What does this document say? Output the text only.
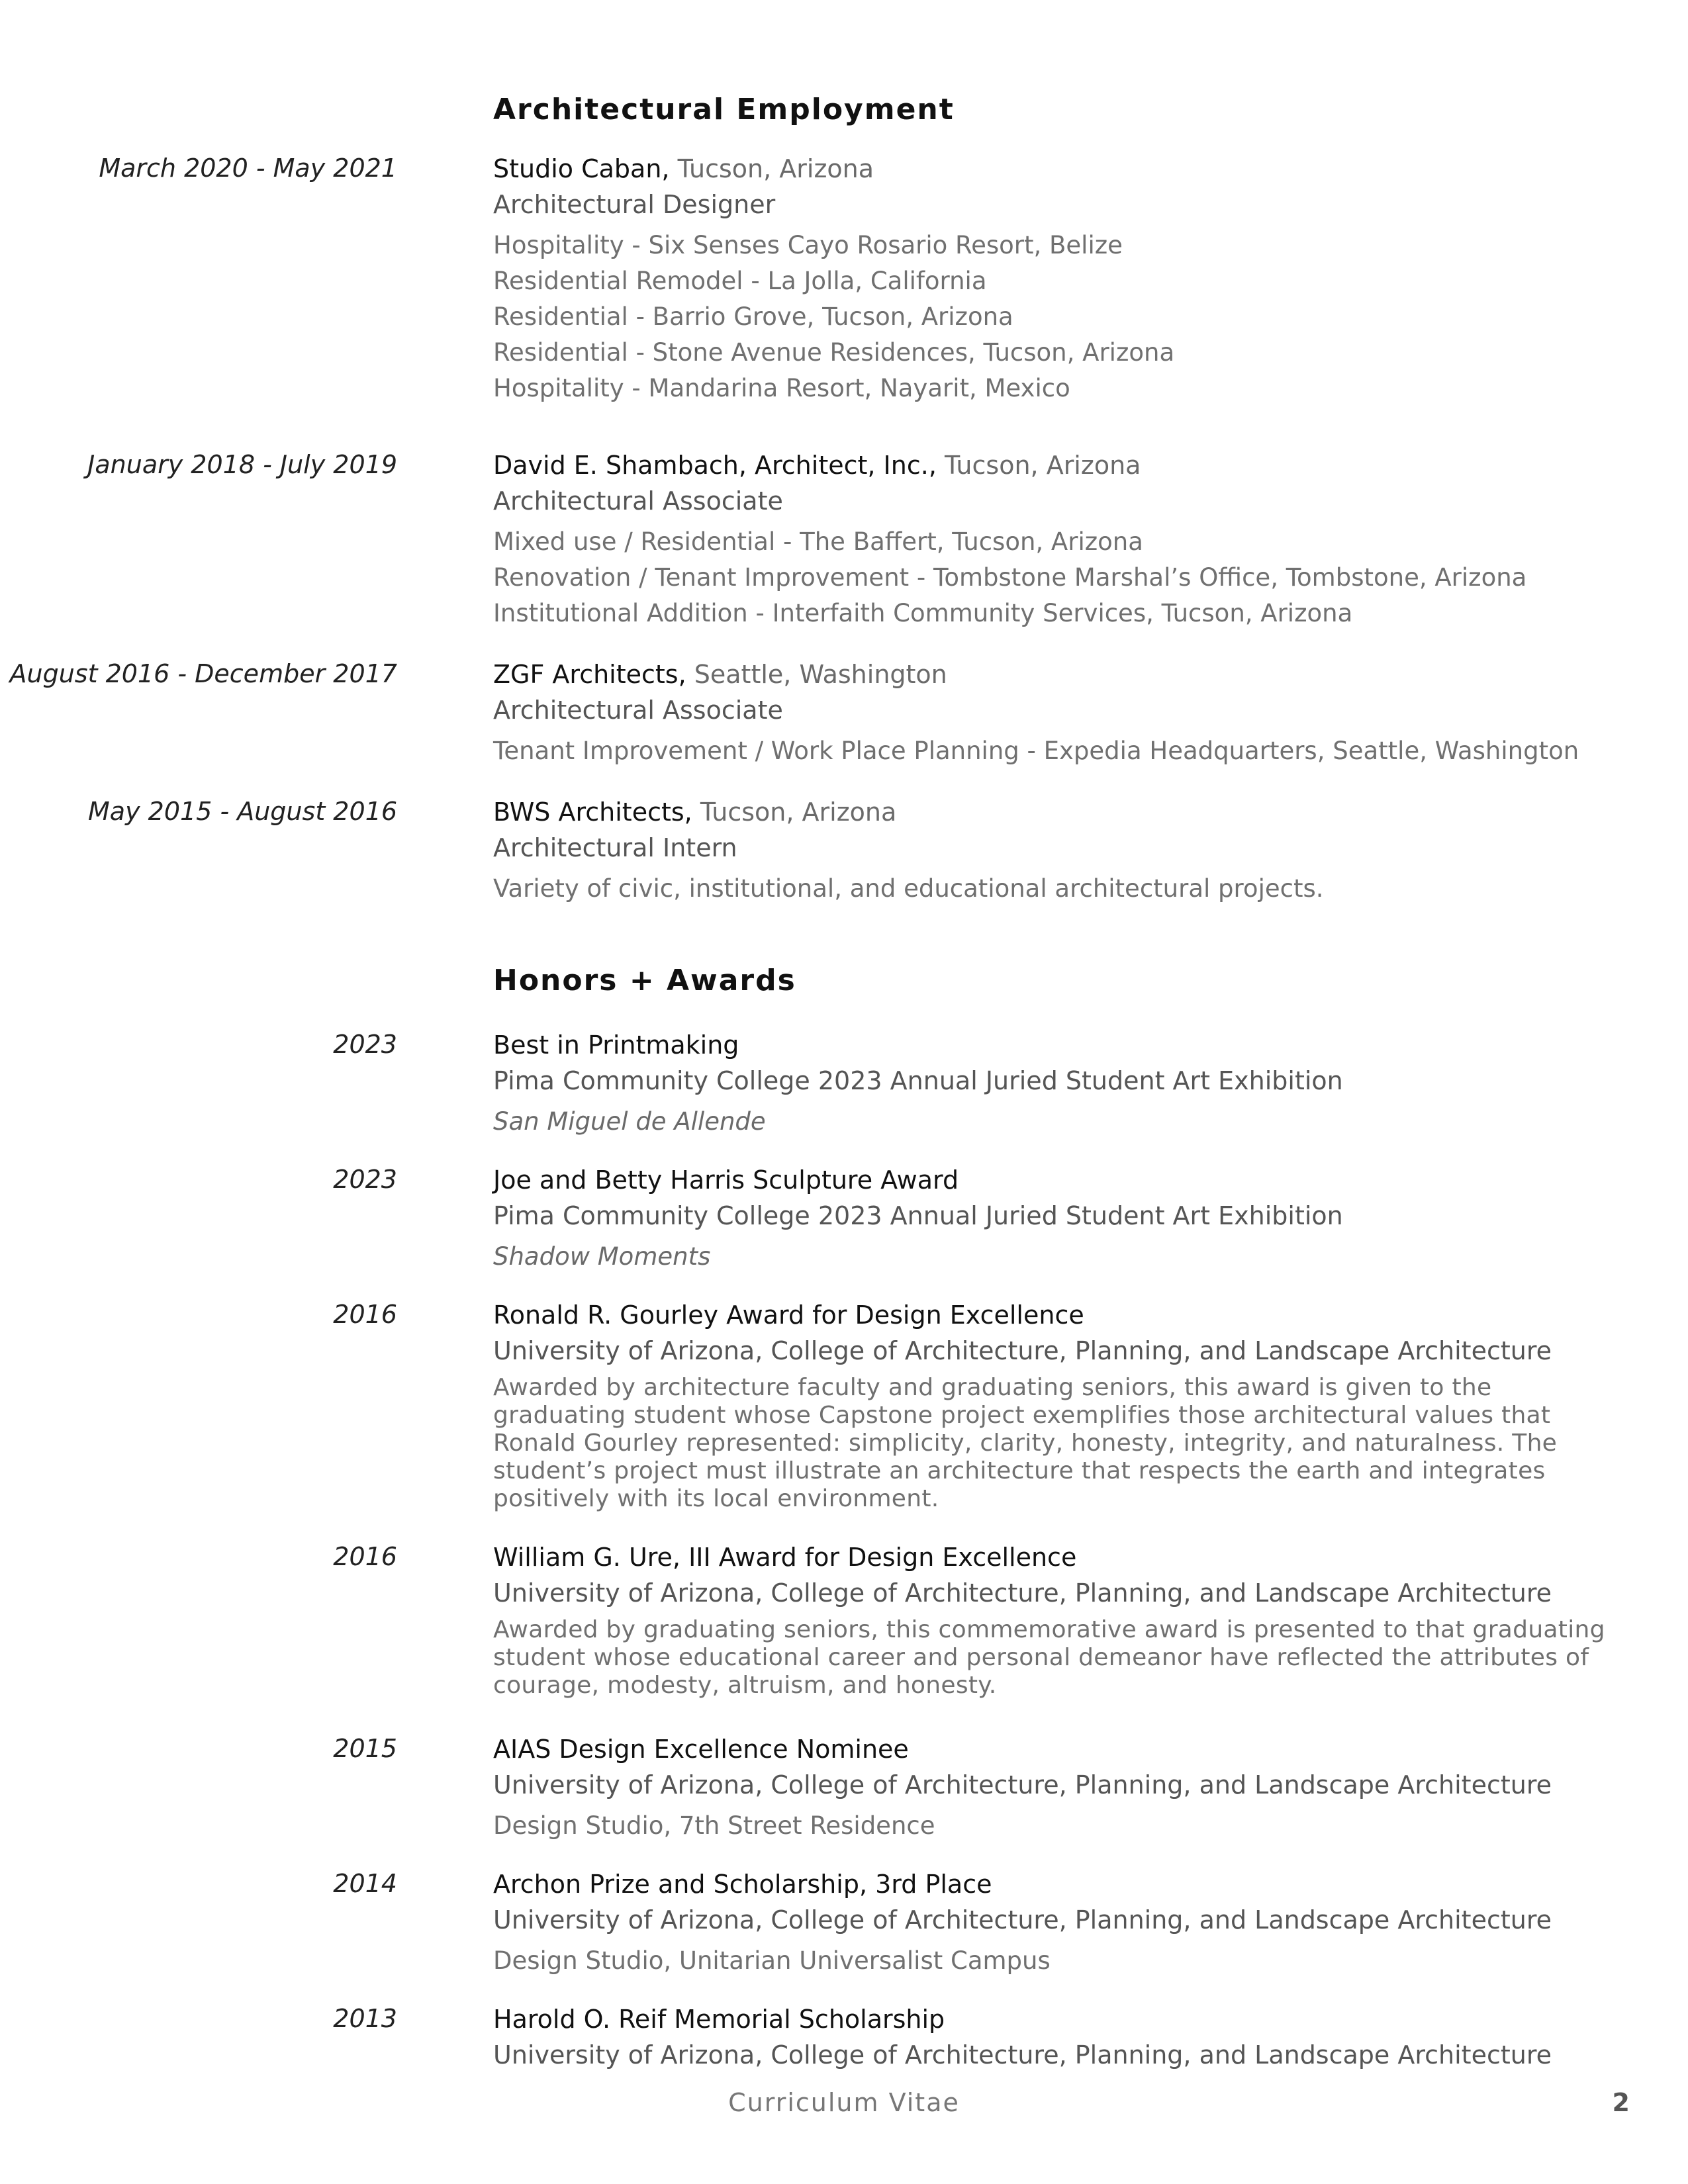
Architectural Employment
March 2020 - May 2021	Studio Caban, Tucson, Arizona
Architectural Designer
Hospitality - Six Senses Cayo Rosario Resort, Belize
Residential Remodel - La Jolla, California
Residential - Barrio Grove, Tucson, Arizona
Residential - Stone Avenue Residences, Tucson, Arizona
Hospitality - Mandarina Resort, Nayarit, Mexico
January 2018 - July 2019	David E. Shambach, Architect, Inc., Tucson, Arizona
Architectural Associate
Mixed use / Residential - The Baffert, Tucson, Arizona
Renovation / Tenant Improvement - Tombstone Marshal’s Office, Tombstone, Arizona
Institutional Addition - Interfaith Community Services, Tucson, Arizona
August 2016 - December 2017	ZGF Architects, Seattle, Washington
Architectural Associate
Tenant Improvement / Work Place Planning - Expedia Headquarters, Seattle, Washington
May 2015 - August 2016	BWS Architects, Tucson, Arizona
Architectural Intern
Variety of civic, institutional, and educational architectural projects.
Honors + Awards
2023	Best in Printmaking
Pima Community College 2023 Annual Juried Student Art Exhibition
San Miguel de Allende
2023	Joe and Betty Harris Sculpture Award
Pima Community College 2023 Annual Juried Student Art Exhibition
Shadow Moments
2016	Ronald R. Gourley Award for Design Excellence
University of Arizona, College of Architecture, Planning, and Landscape Architecture
Awarded by architecture faculty and graduating seniors, this award is given to the graduating student whose Capstone project exemplifies those architectural values that Ronald Gourley represented: simplicity, clarity, honesty, integrity, and naturalness. The student’s project must illustrate an architecture that respects the earth and integrates positively with its local environment.
2016	William G. Ure, III Award for Design Excellence
University of Arizona, College of Architecture, Planning, and Landscape Architecture
Awarded by graduating seniors, this commemorative award is presented to that graduating student whose educational career and personal demeanor have reflected the attributes of courage, modesty, altruism, and honesty.
2015	AIAS Design Excellence Nominee
University of Arizona, College of Architecture, Planning, and Landscape Architecture
Design Studio, 7th Street Residence
2014	Archon Prize and Scholarship, 3rd Place
University of Arizona, College of Architecture, Planning, and Landscape Architecture
Design Studio, Unitarian Universalist Campus
2013	Harold O. Reif Memorial Scholarship
University of Arizona, College of Architecture, Planning, and Landscape Architecture
Curriculum Vitae	2
